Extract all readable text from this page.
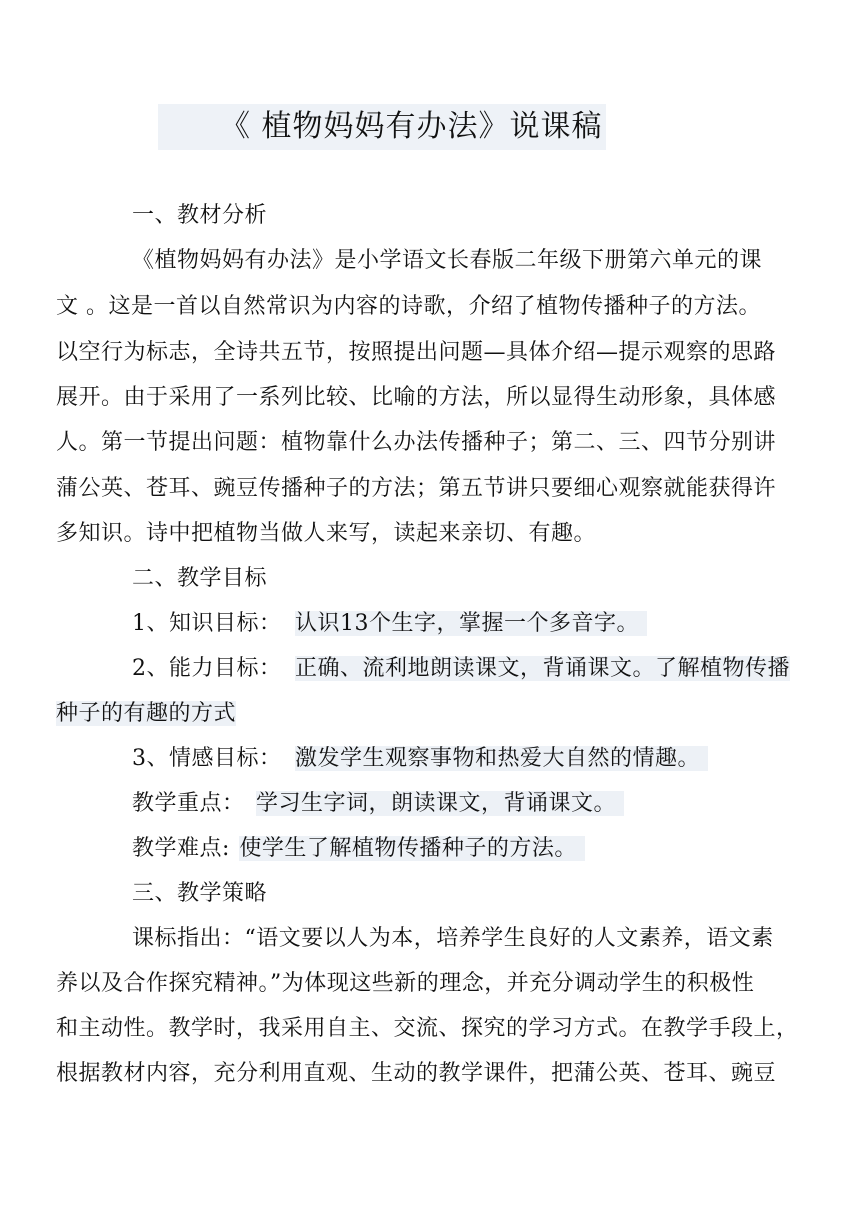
《 植物妈妈有办法》说课稿
一、教材分析
《植物妈妈有办法》是小学语文长春版二年级下册第六单元的课
文 。这是一首以自然常识为内容的诗歌，介绍了植物传播种子的方法。
以空行为标志，全诗共五节，按照提出问题—具体介绍—提示观察的思路
展开。由于采用了一系列比较、比喻的方法，所以显得生动形象，具体感
人。第一节提出问题：植物靠什么办法传播种子；第二、三、四节分别讲
蒲公英、苍耳、豌豆传播种子的方法；第五节讲只要细心观察就能获得许
多知识。诗中把植物当做人来写，读起来亲切、有趣。
二、教学目标
1、知识目标： 认识13个生字，掌握一个多音字。
2、能力目标： 正确、流利地朗读课文，背诵课文。了解植物传播
种子的有趣的方式
3、情感目标： 激发学生观察事物和热爱大自然的情趣。
教学重点： 学习生字词，朗读课文，背诵课文。
教学难点: 使学生了解植物传播种子的方法。
三、教学策略
课标指出：“语文要以人为本，培养学生良好的人文素养，语文素
养以及合作探究精神。”为体现这些新的理念，并充分调动学生的积极性
和主动性。教学时，我采用自主、交流、探究的学习方式。在教学手段上，
根据教材内容，充分利用直观、生动的教学课件，把蒲公英、苍耳、豌豆
